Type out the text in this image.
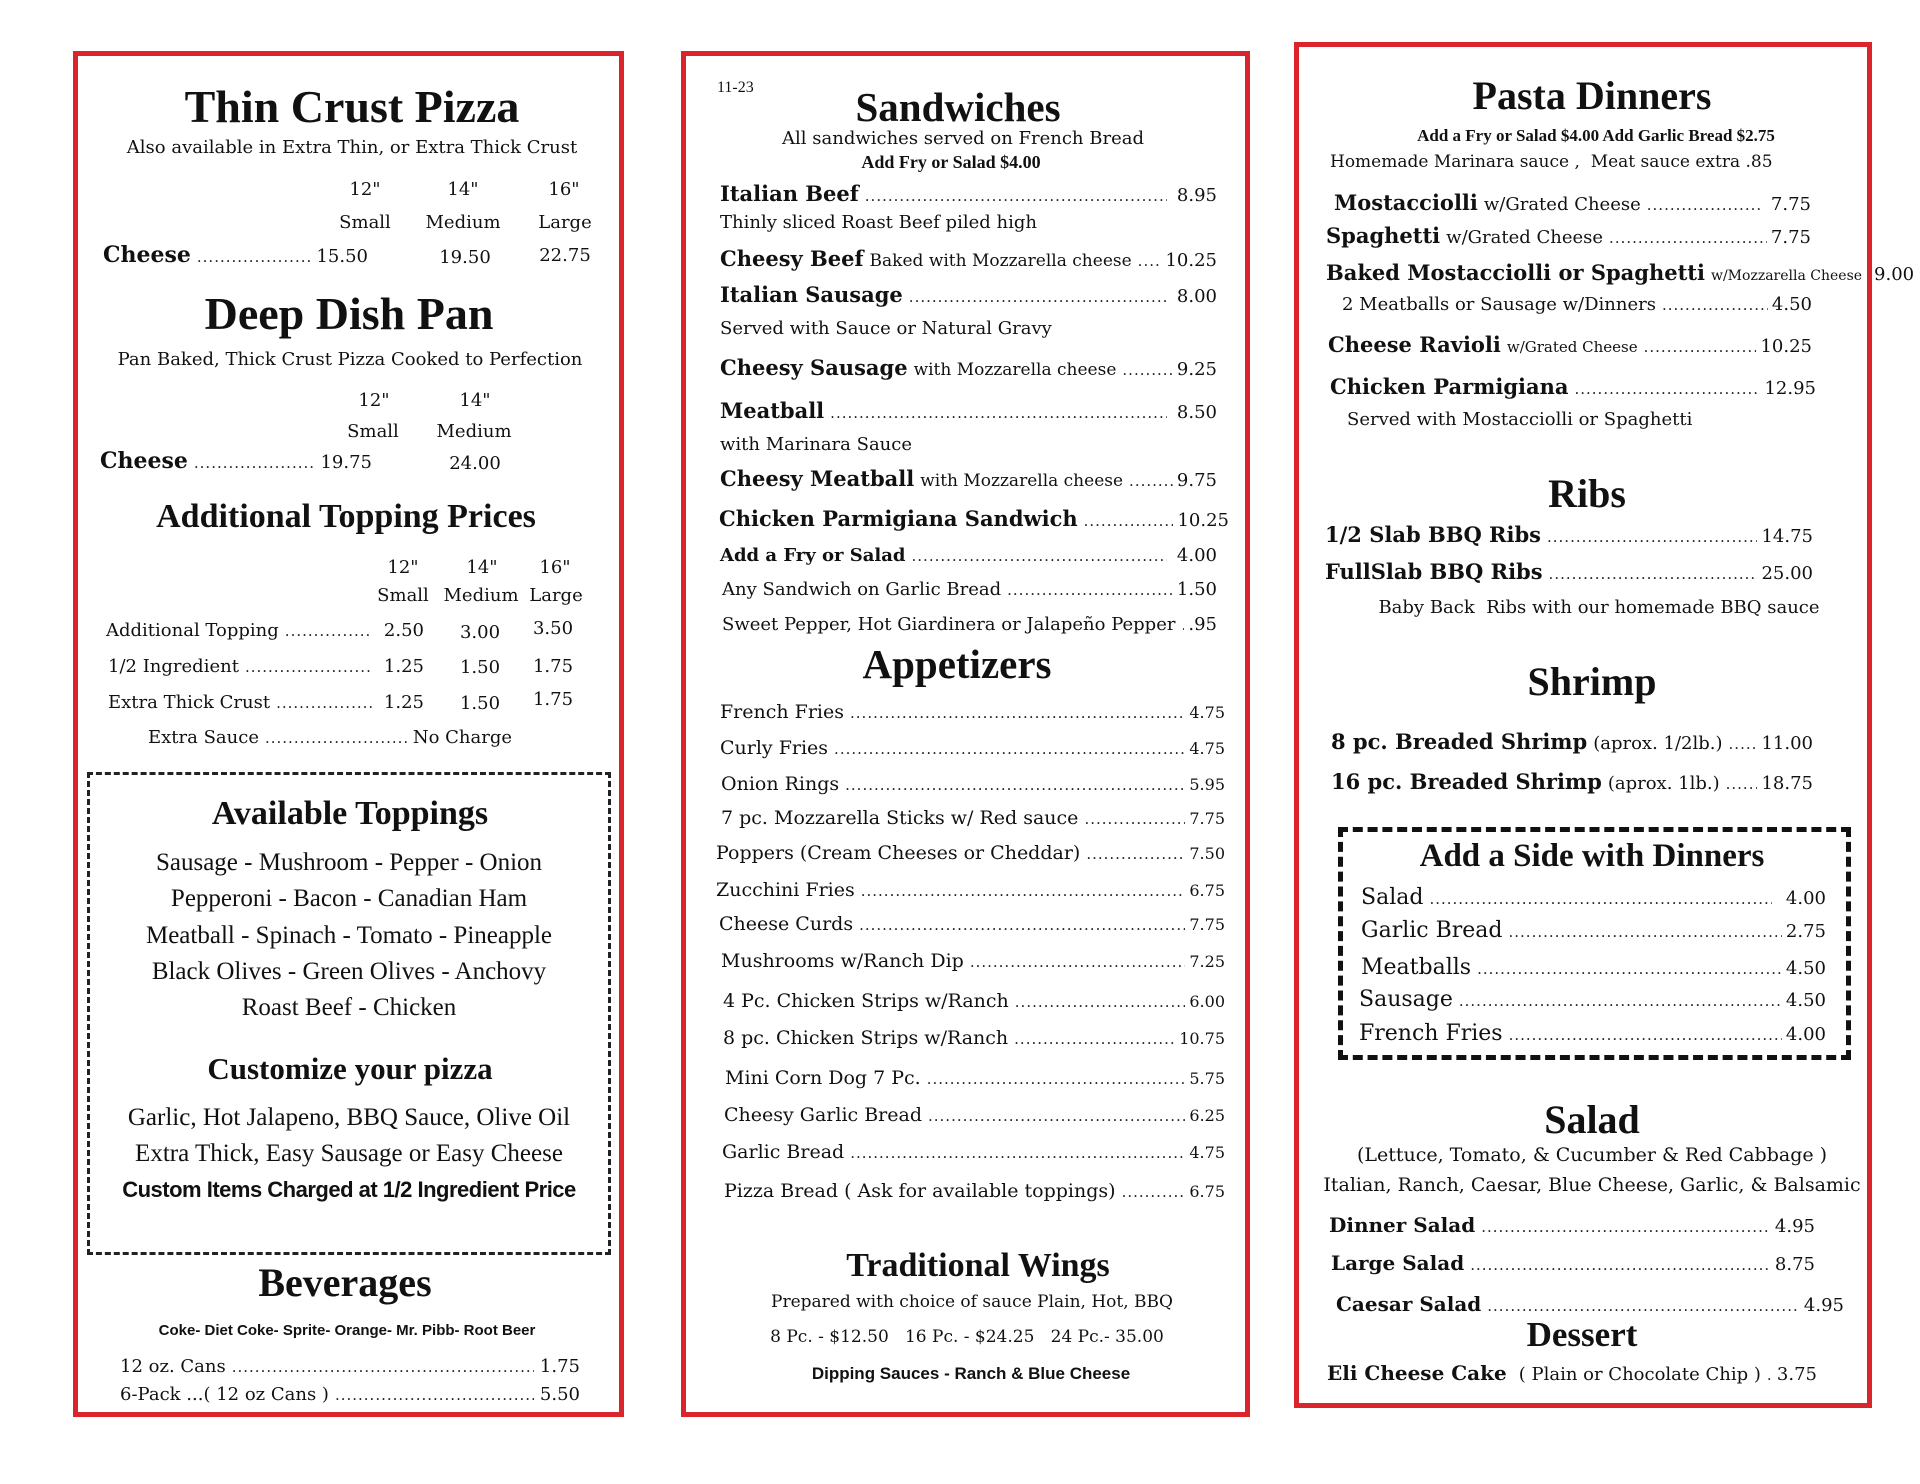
Thin Crust Pizza
Also available in Extra Thin, or Extra Thick Crust
12"	14"	16"
Small	Medium	Large
Cheese .....	15.50	19.50	22.75
Deep Dish Pan
Pan Baked, Thick Crust Pizza Cooked to Perfection
12"	14"
Small	Medium
Cheese .....	19.75	24.00
Additional Topping Prices
12"	14" 16"
Small Medium Large
Additional Topping .....	2.50	3.00	3.50
1/2 Ingredient .....	1.25	1.50	1.75
Extra Thick Crust .....	1.25	1.50	1.75
Extra Sauce .....	No Charge
Available Toppings
Sausage - Mushroom - Pepper - Onion
Pepperoni - Bacon - Canadian Ham
Meatball - Spinach - Tomato - Pineapple
Black Olives - Green Olives - Anchovy
Roast Beef - Chicken
Customize your pizza
Garlic, Hot Jalapeno, BBQ Sauce, Olive Oil
Extra Thick, Easy Sausage or Easy Cheese
Custom Items Charged at 1/2 Ingredient Price
Beverages
Coke- Diet Coke- Sprite- Orange- Mr. Pibb- Root Beer
12 oz. Cans .....	1.75
6-Pack ...( 12 oz Cans ) .....	5.50
11-23 Sandwiches
All sandwiches served on French Bread
Add Fry or Salad $4.00
Italian Beef .....	8.95
Thinly sliced Roast Beef piled high
Cheesy Beef Baked with Mozzarella cheese ..... 10.25
Italian Sausage .....	8.00
Served with Sauce or Natural Gravy
Cheesy Sausage with Mozzarella cheese .....	9.25
Meatball .....	8.50
with Marinara Sauce
Cheesy Meatball with Mozzarella cheese .....	9.75
Chicken Parmigiana Sandwich .....	10.25
Add a Fry or Salad .....	4.00
Any Sandwich on Garlic Bread .....	1.50
Sweet Pepper, Hot Giardinera or Jalapeño Pepper ..... .95
Appetizers
French Fries .....	4.75
Curly Fries .....	4.75
Onion Rings .....	5.95
7 pc. Mozzarella Sticks w/ Red sauce .....	7.75
Poppers (Cream Cheeses or Cheddar) .....	7.50
Zucchini Fries .....	6.75
Cheese Curds .....	7.75
Mushrooms w/Ranch Dip .....	7.25
4 Pc. Chicken Strips w/Ranch .....	6.00
8 pc. Chicken Strips w/Ranch .....	10.75
Mini Corn Dog 7 Pc. .....	5.75
Cheesy Garlic Bread .....	6.25
Garlic Bread .....	4.75
Pizza Bread ( Ask for available toppings) .....	6.75
Traditional Wings
Prepared with choice of sauce Plain, Hot, BBQ
8 Pc. - $12.50   16 Pc. - $24.25   24 Pc.- 35.00
Dipping Sauces - Ranch & Blue Cheese
Pasta Dinners
Add a Fry or Salad $4.00 Add Garlic Bread $2.75
Homemade Marinara sauce ,  Meat sauce extra .85
Mostacciolli w/Grated Cheese .....	7.75
Spaghetti w/Grated Cheese .....	7.75
Baked Mostacciolli or Spaghetti w/Mozzarella Cheese 9.00
2 Meatballs or Sausage w/Dinners .....	4.50
Cheese Ravioli w/Grated Cheese .....	10.25
Chicken Parmigiana .....	12.95
Served with Mostacciolli or Spaghetti
Ribs
1/2 Slab BBQ Ribs .....	14.75
FullSlab BBQ Ribs .....	25.00
Baby Back  Ribs with our homemade BBQ sauce
Shrimp
8 pc. Breaded Shrimp (aprox. 1/2lb.) ..... 11.00
16 pc. Breaded Shrimp (aprox. 1lb.) ..... 18.75
Add a Side with Dinners
Salad .....	4.00
Garlic Bread .....	2.75
Meatballs .....	4.50
Sausage .....	4.50
French Fries .....	4.00
Salad
(Lettuce, Tomato, & Cucumber & Red Cabbage )
Italian, Ranch, Caesar, Blue Cheese, Garlic, & Balsamic
Dinner Salad .....	4.95
Large Salad .....	8.75
Caesar Salad .....	4.95
Dessert
Eli Cheese Cake ( Plain or Chocolate Chip ) ..... 3.75
